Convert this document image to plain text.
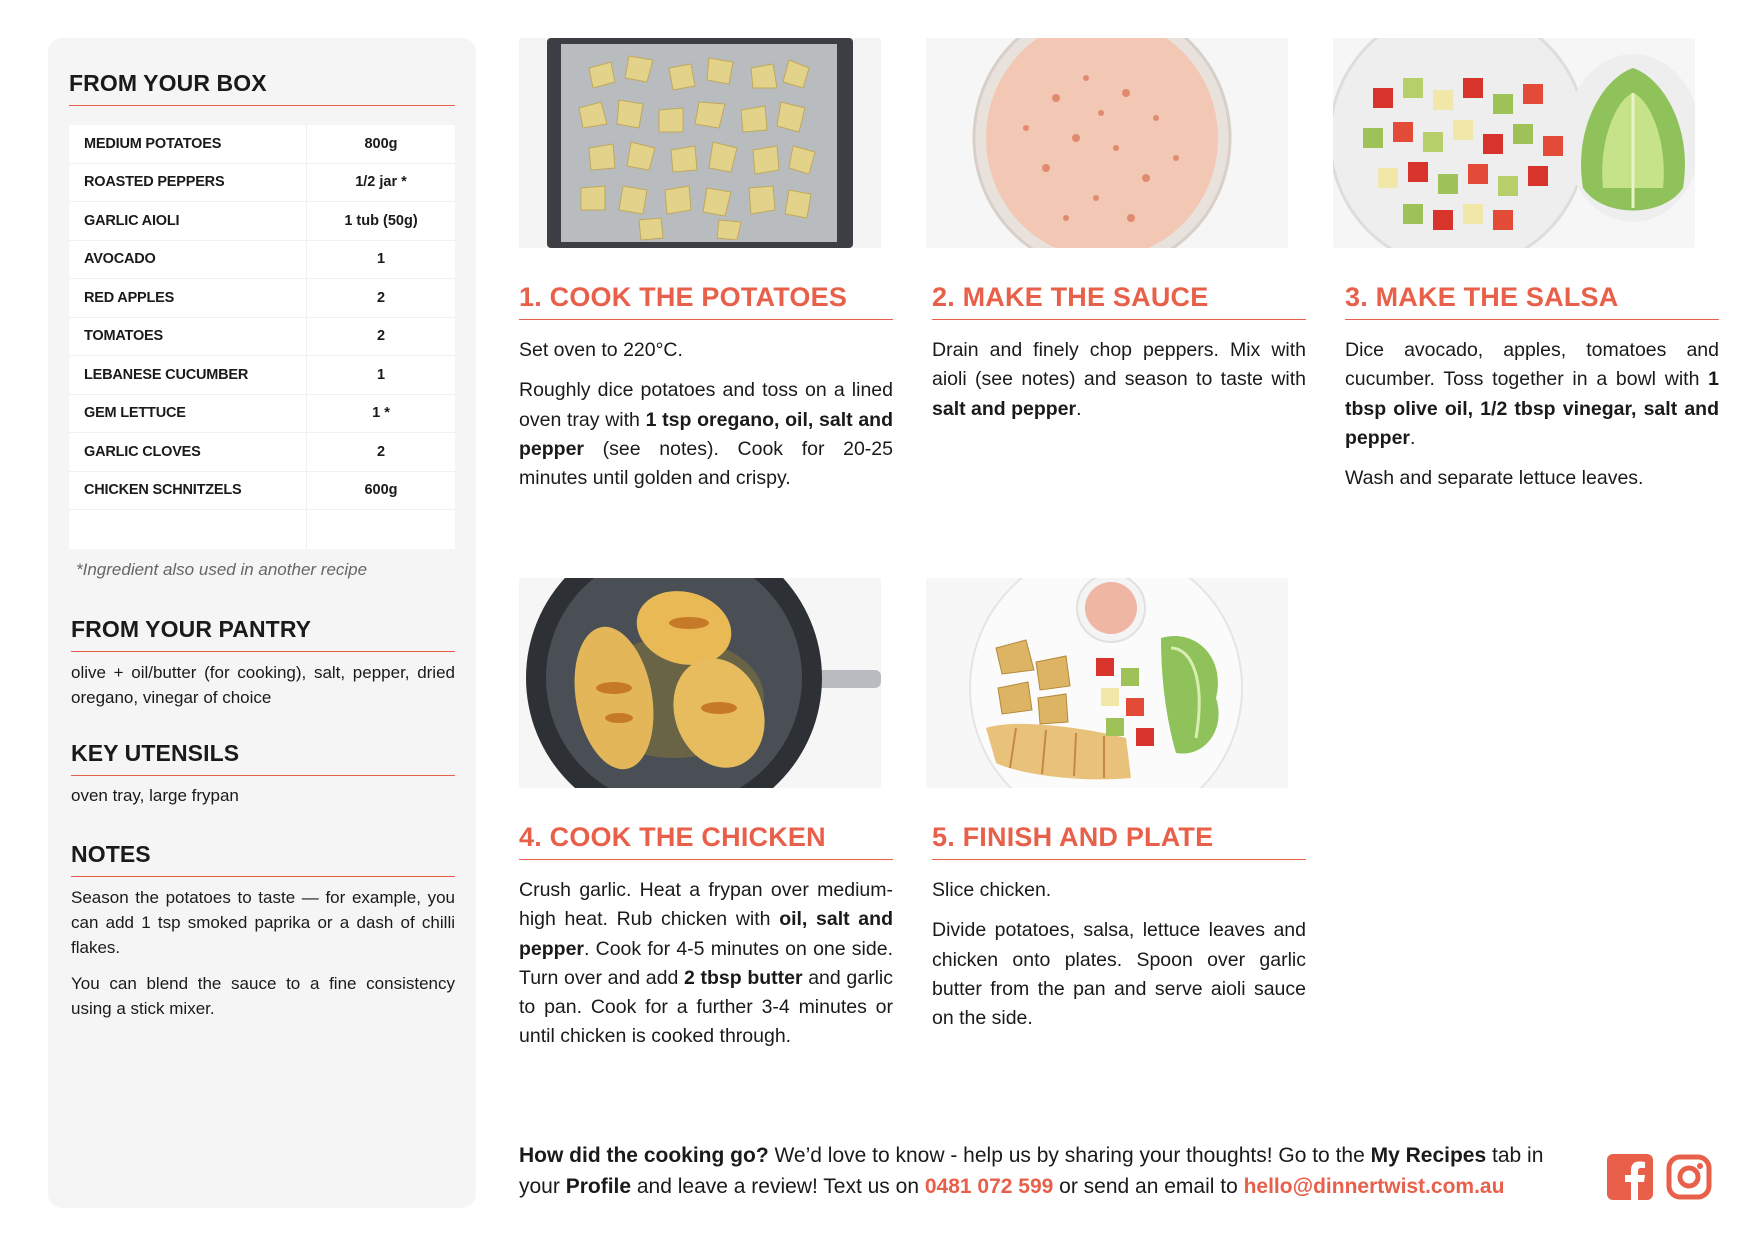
FROM YOUR BOX
MEDIUM POTATOES	800g
ROASTED PEPPERS	1/2 jar *
GARLIC AIOLI	1 tub (50g)
AVOCADO	1
RED APPLES	2
TOMATOES	2
LEBANESE CUCUMBER	1
GEM LETTUCE	1 *
GARLIC CLOVES	2
CHICKEN SCHNITZELS	600g
*Ingredient also used in another recipe
FROM YOUR PANTRY
olive + oil/butter (for cooking), salt, pepper, dried oregano, vinegar of choice
KEY UTENSILS
oven tray, large frypan
NOTES

Season the potatoes to taste — for example, you can add 1 tsp smoked paprika or a dash of chilli flakes.

You can blend the sauce to a fine consistency using a stick mixer.

1. COOK THE POTATOES

Set oven to 220°C.

Roughly dice potatoes and toss on a lined oven tray with 1 tsp oregano, oil, salt and pepper (see notes). Cook for 20-25 minutes until golden and crispy.

2. MAKE THE SAUCE

Drain and finely chop peppers. Mix with aioli (see notes) and season to taste with salt and pepper.

3. MAKE THE SALSA

Dice avocado, apples, tomatoes and cucumber. Toss together in a bowl with 1 tbsp olive oil, 1/2 tbsp vinegar, salt and pepper.

Wash and separate lettuce leaves.

4. COOK THE CHICKEN

Crush garlic. Heat a frypan over medium-high heat. Rub chicken with oil, salt and pepper. Cook for 4-5 minutes on one side. Turn over and add 2 tbsp butter and garlic to pan. Cook for a further 3-4 minutes or until chicken is cooked through.

5. FINISH AND PLATE

Slice chicken.

Divide potatoes, salsa, lettuce leaves and chicken onto plates. Spoon over garlic butter from the pan and serve aioli sauce on the side.

How did the cooking go? We’d love to know - help us by sharing your thoughts! Go to the My Recipes tab in your Profile and leave a review! Text us on 0481 072 599 or send an email to hello@dinnertwist.com.au
